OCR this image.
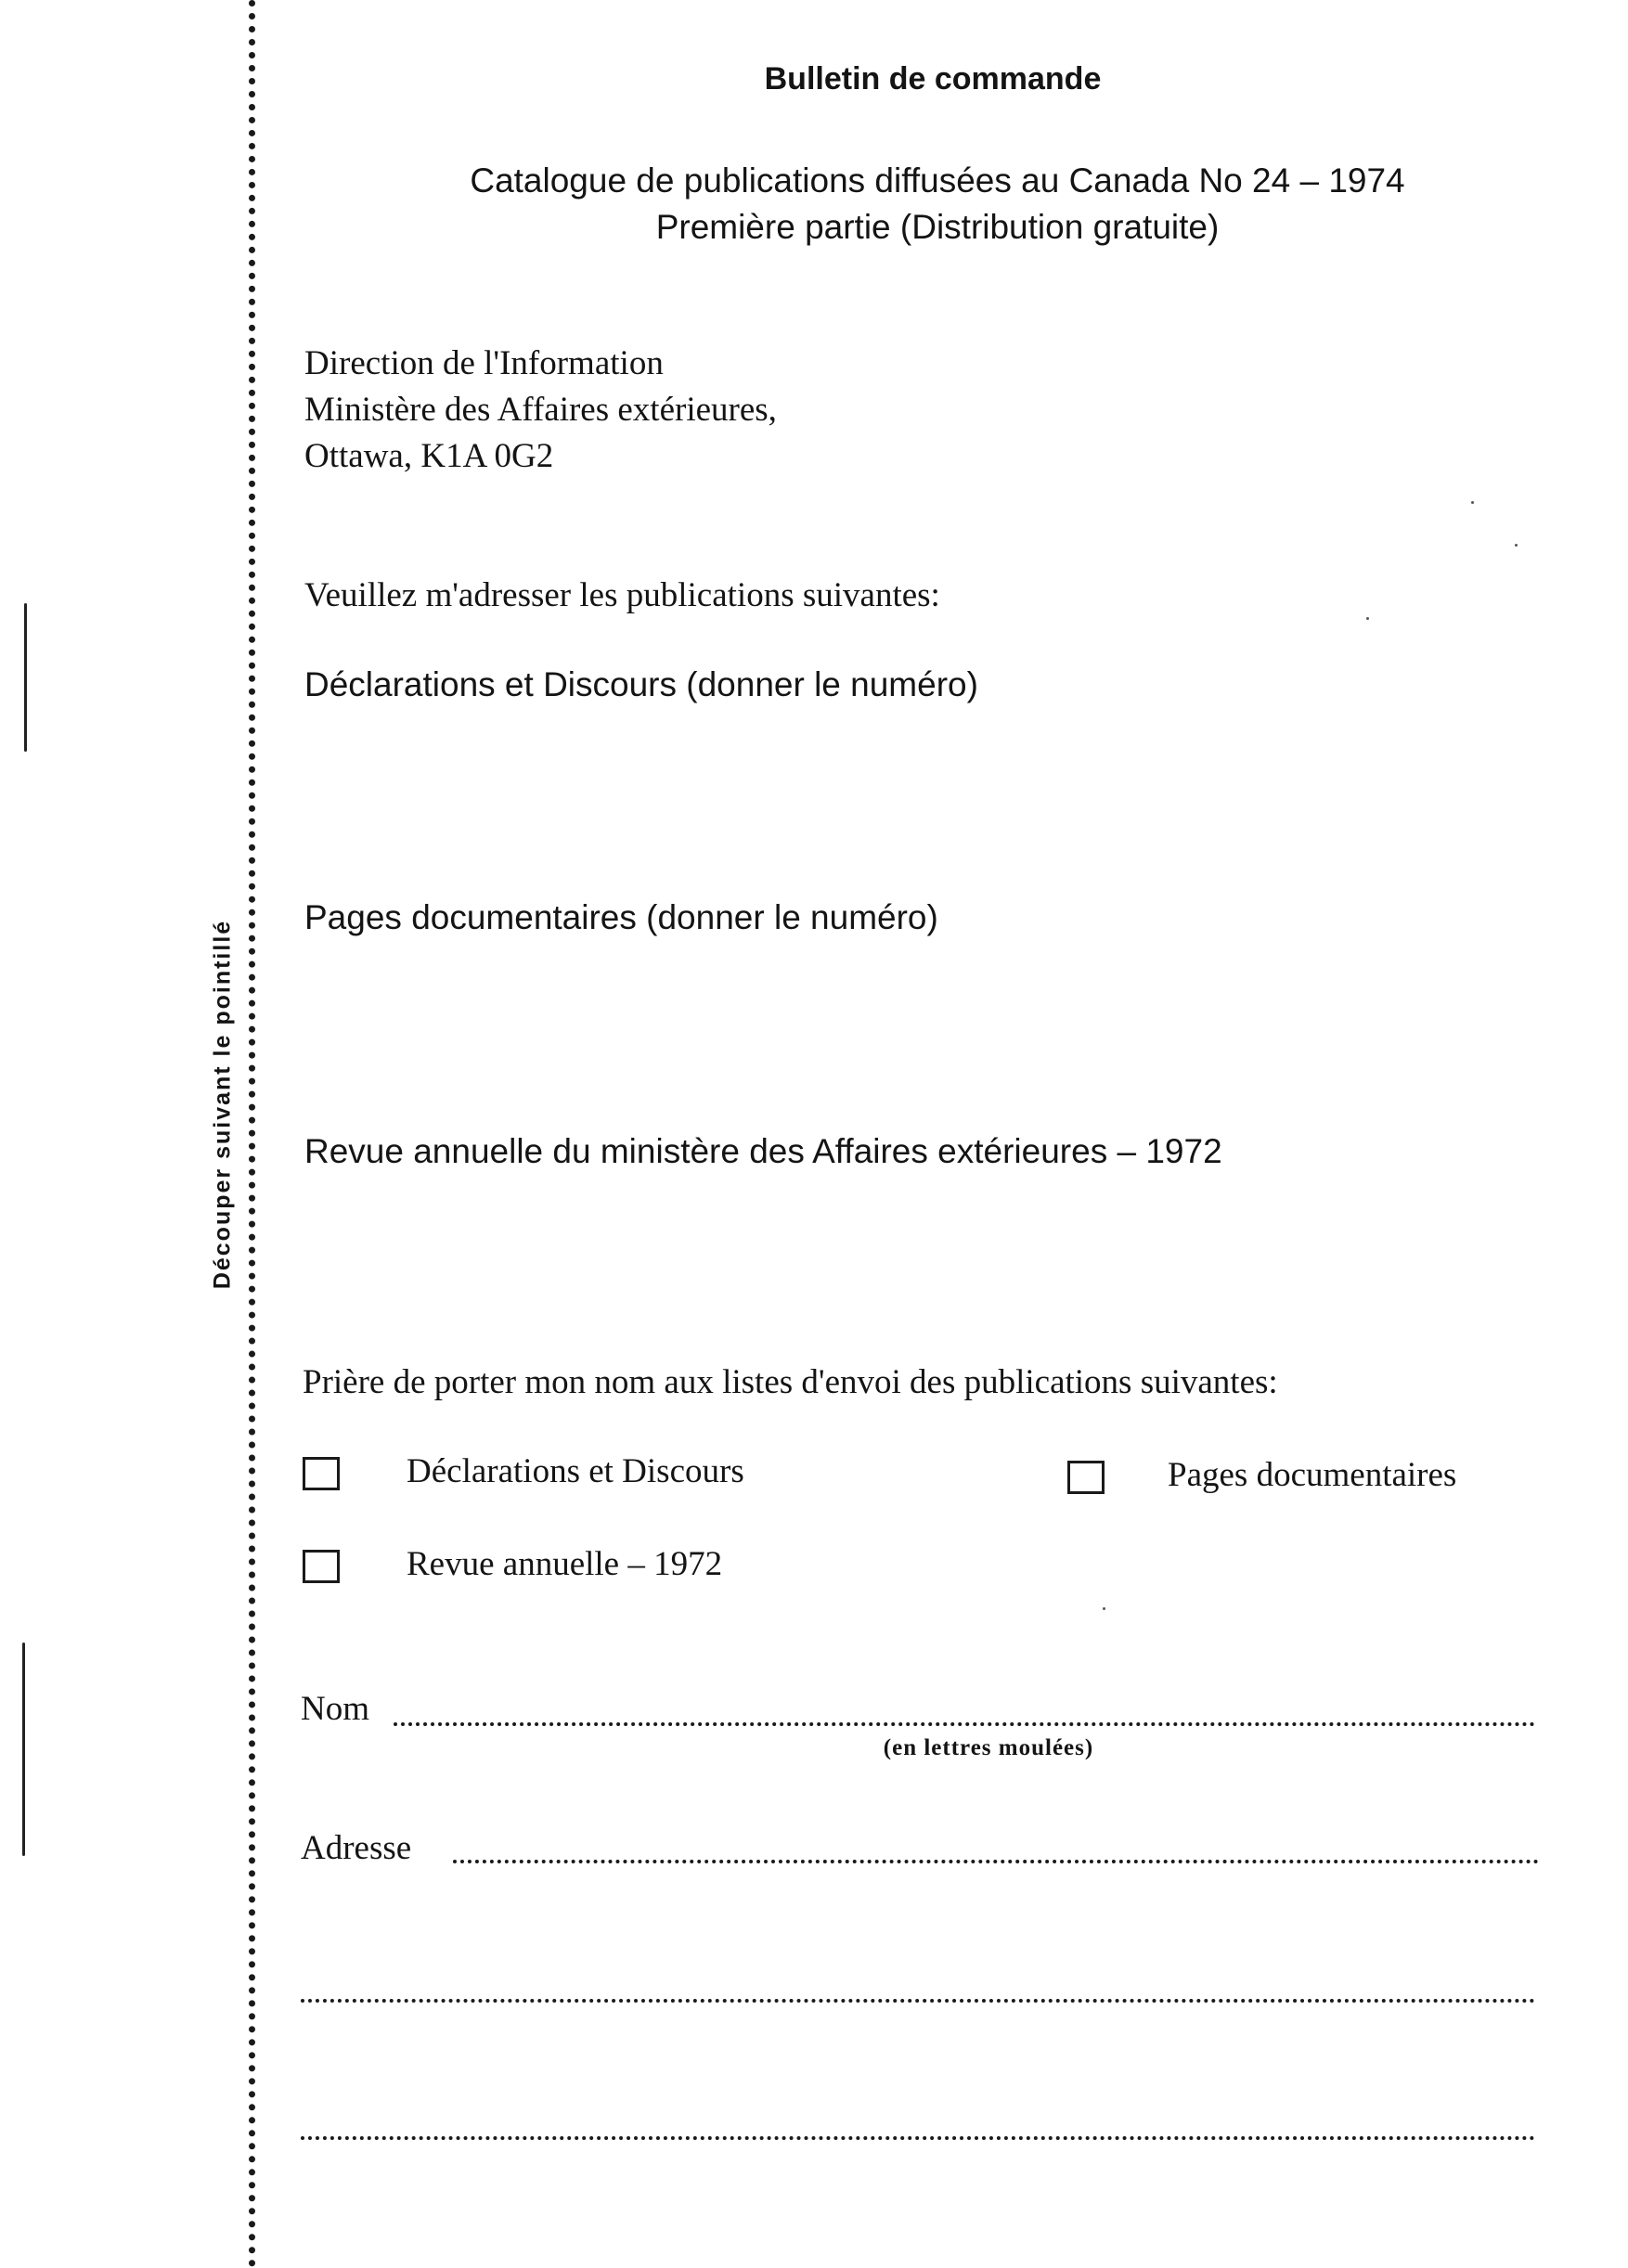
Découper suivant le pointillé
Bulletin de commande
Catalogue de publications diffusées au Canada No 24 – 1974
Première partie (Distribution gratuite)
Direction de l'Information
Ministère des Affaires extérieures,
Ottawa, K1A 0G2
Veuillez m'adresser les publications suivantes:
Déclarations et Discours (donner le numéro)
Pages documentaires (donner le numéro)
Revue annuelle du ministère des Affaires extérieures – 1972
Prière de porter mon nom aux listes d'envoi des publications suivantes:
Déclarations et Discours	Pages documentaires
Revue annuelle – 1972
Nom
(en lettres moulées)
Adresse
